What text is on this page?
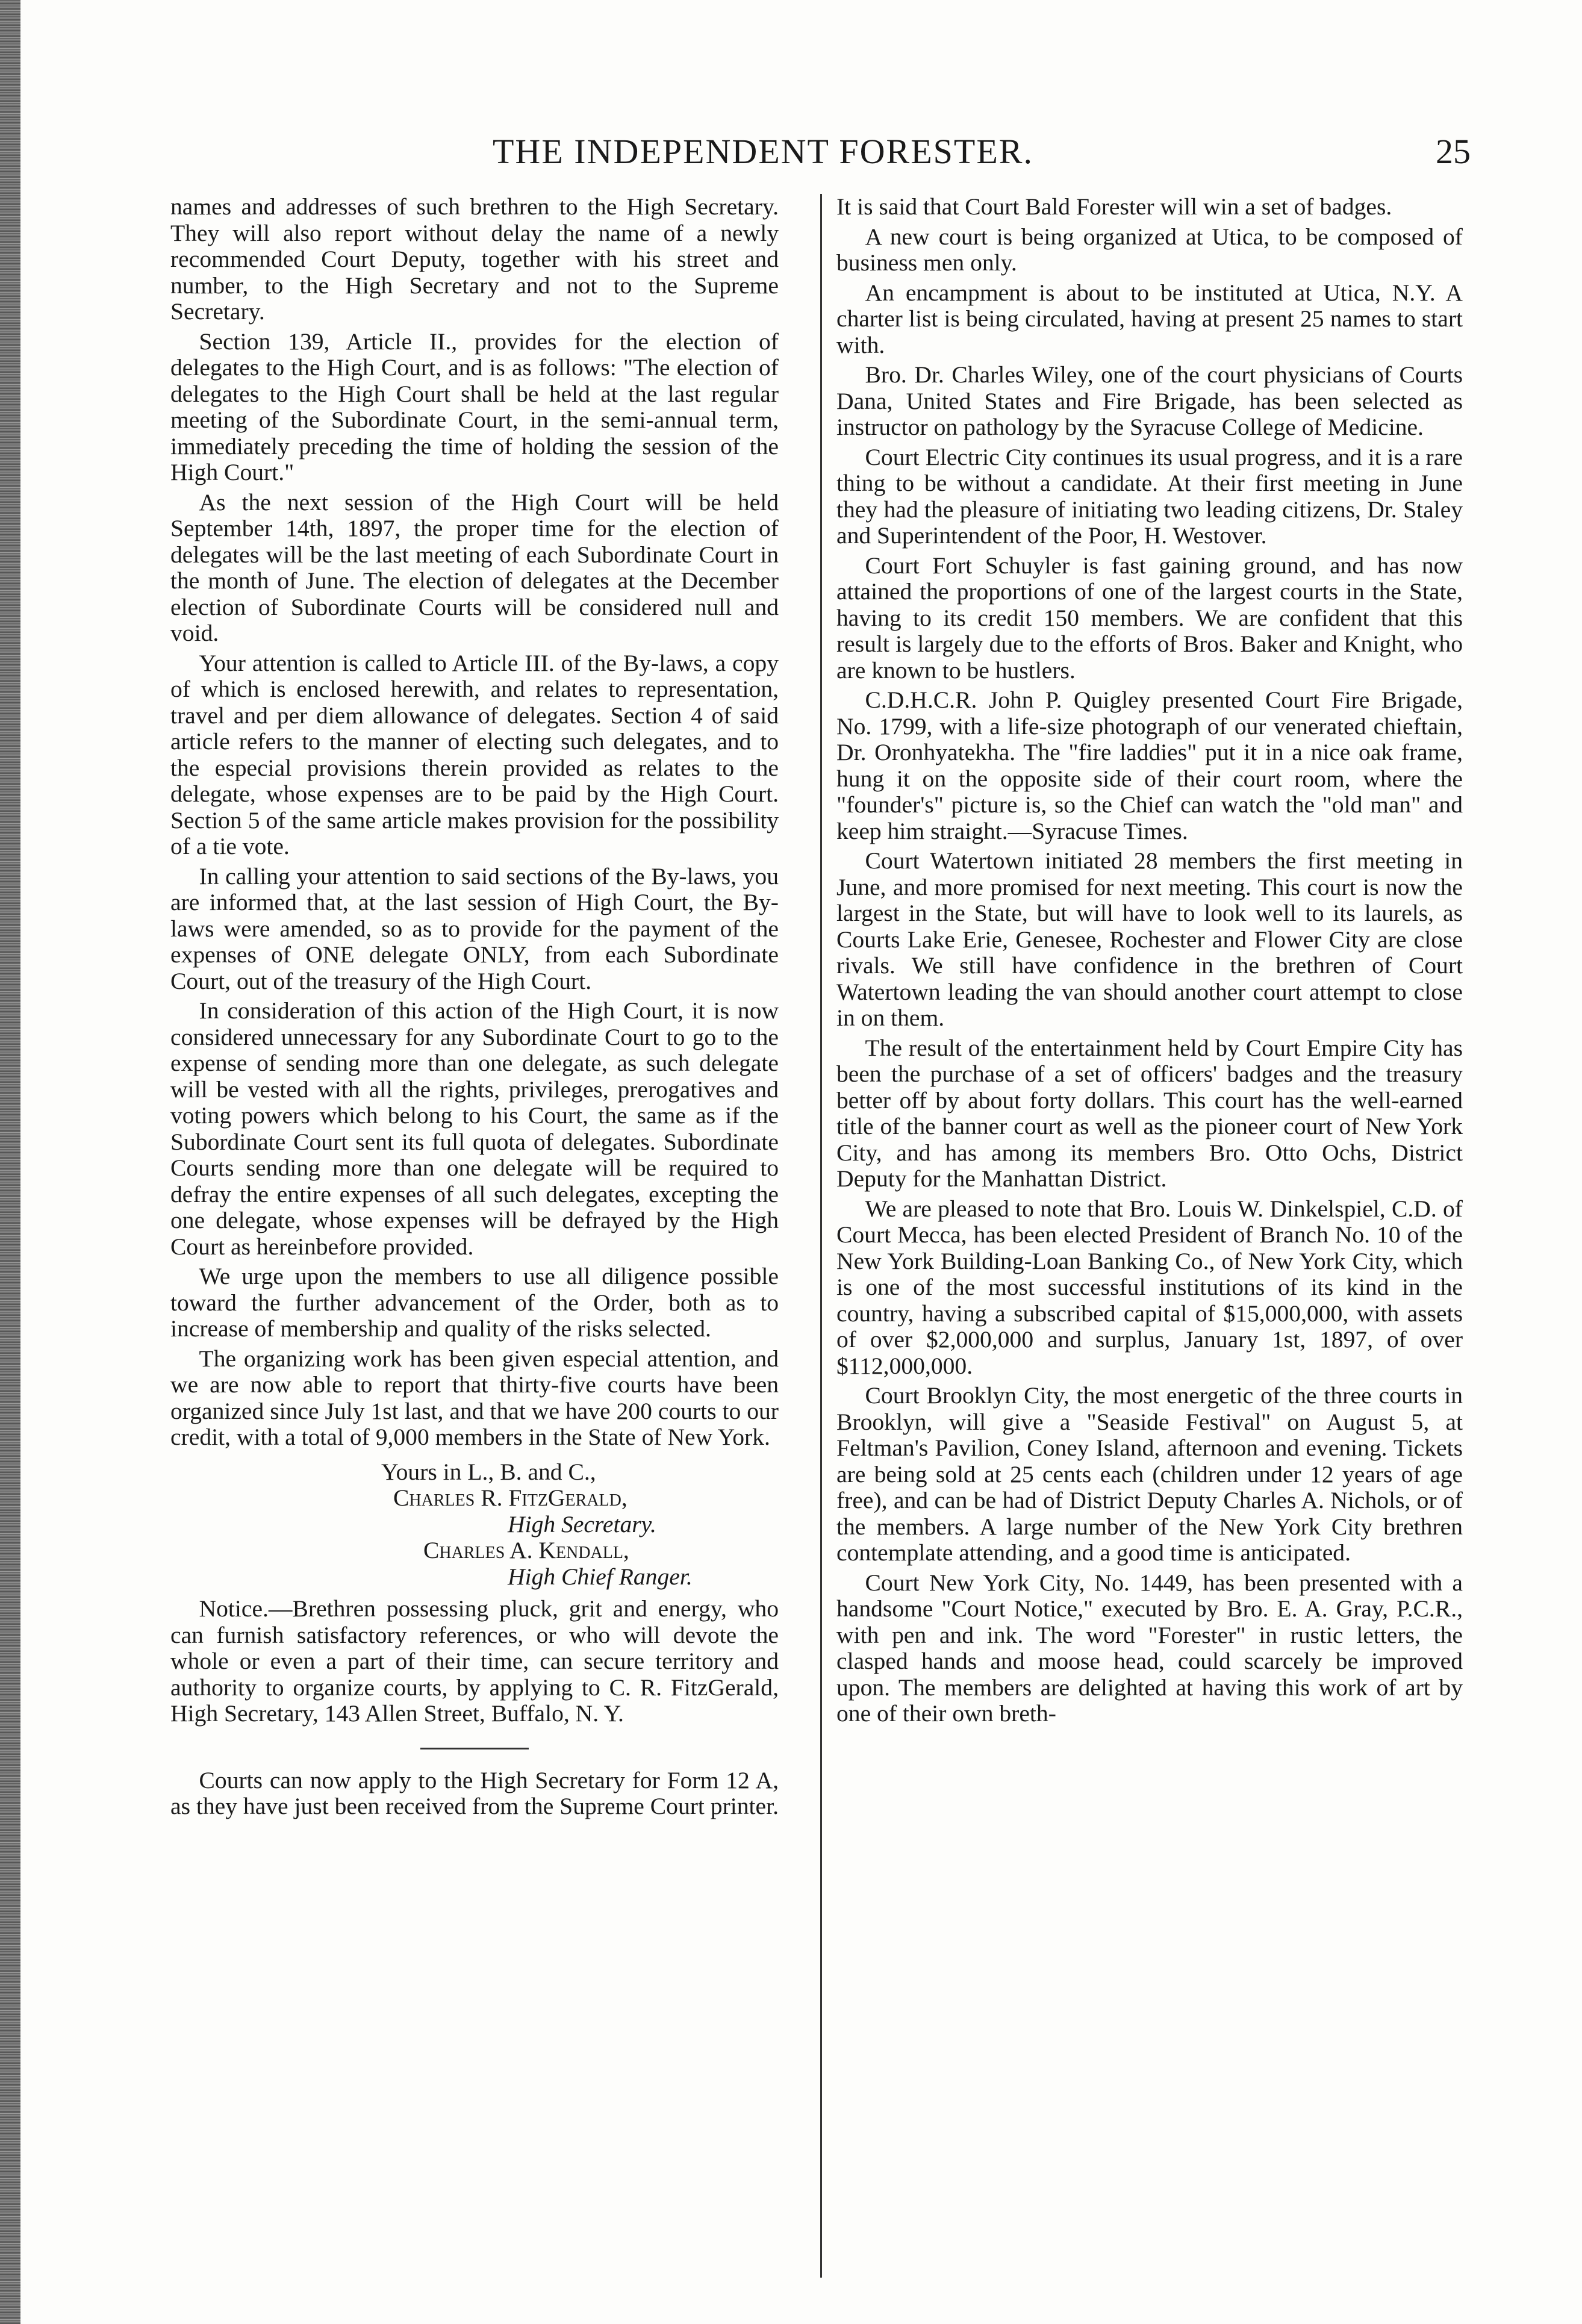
THE INDEPENDENT FORESTER.	25

names and addresses of such brethren to the High Secretary. They will also report without delay the name of a newly recommended Court Deputy, together with his street and number, to the High Secretary and not to the Supreme Secretary.

Section 139, Article II., provides for the election of delegates to the High Court, and is as follows: "The election of delegates to the High Court shall be held at the last regular meeting of the Subordinate Court, in the semi-annual term, immediately preceding the time of holding the session of the High Court."

As the next session of the High Court will be held September 14th, 1897, the proper time for the election of delegates will be the last meeting of each Subordinate Court in the month of June. The election of delegates at the December election of Subordinate Courts will be considered null and void.

Your attention is called to Article III. of the By-laws, a copy of which is enclosed herewith, and relates to representation, travel and per diem allowance of delegates. Section 4 of said article refers to the manner of electing such delegates, and to the especial provisions therein provided as relates to the delegate, whose expenses are to be paid by the High Court. Section 5 of the same article makes provision for the possibility of a tie vote.

In calling your attention to said sections of the By-laws, you are informed that, at the last session of High Court, the By-laws were amended, so as to provide for the payment of the expenses of ONE delegate ONLY, from each Subordinate Court, out of the treasury of the High Court.

In consideration of this action of the High Court, it is now considered unnecessary for any Subordinate Court to go to the expense of sending more than one delegate, as such delegate will be vested with all the rights, privileges, prerogatives and voting powers which belong to his Court, the same as if the Subordinate Court sent its full quota of delegates. Subordinate Courts sending more than one delegate will be required to defray the entire expenses of all such delegates, excepting the one delegate, whose expenses will be defrayed by the High Court as hereinbefore provided.

We urge upon the members to use all diligence possible toward the further advancement of the Order, both as to increase of membership and quality of the risks selected.

The organizing work has been given especial attention, and we are now able to report that thirty-five courts have been organized since July 1st last, and that we have 200 courts to our credit, with a total of 9,000 members in the State of New York.

Yours in L., B. and C.,
Charles R. FitzGerald,
High Secretary.
Charles A. Kendall,
High Chief Ranger.

Notice.—Brethren possessing pluck, grit and energy, who can furnish satisfactory references, or who will devote the whole or even a part of their time, can secure territory and authority to organize courts, by applying to C. R. FitzGerald, High Secretary, 143 Allen Street, Buffalo, N. Y.

Courts can now apply to the High Secretary for Form 12 A, as they have just been received from the Supreme Court printer.

It is said that Court Bald Forester will win a set of badges.

A new court is being organized at Utica, to be composed of business men only.

An encampment is about to be instituted at Utica, N.Y. A charter list is being circulated, having at present 25 names to start with.

Bro. Dr. Charles Wiley, one of the court physicians of Courts Dana, United States and Fire Brigade, has been selected as instructor on pathology by the Syracuse College of Medicine.

Court Electric City continues its usual progress, and it is a rare thing to be without a candidate. At their first meeting in June they had the pleasure of initiating two leading citizens, Dr. Staley and Superintendent of the Poor, H. Westover.

Court Fort Schuyler is fast gaining ground, and has now attained the proportions of one of the largest courts in the State, having to its credit 150 members. We are confident that this result is largely due to the efforts of Bros. Baker and Knight, who are known to be hustlers.

C.D.H.C.R. John P. Quigley presented Court Fire Brigade, No. 1799, with a life-size photograph of our venerated chieftain, Dr. Oronhyatekha. The "fire laddies" put it in a nice oak frame, hung it on the opposite side of their court room, where the "founder's" picture is, so the Chief can watch the "old man" and keep him straight.—Syracuse Times.

Court Watertown initiated 28 members the first meeting in June, and more promised for next meeting. This court is now the largest in the State, but will have to look well to its laurels, as Courts Lake Erie, Genesee, Rochester and Flower City are close rivals. We still have confidence in the brethren of Court Watertown leading the van should another court attempt to close in on them.

The result of the entertainment held by Court Empire City has been the purchase of a set of officers' badges and the treasury better off by about forty dollars. This court has the well-earned title of the banner court as well as the pioneer court of New York City, and has among its members Bro. Otto Ochs, District Deputy for the Manhattan District.

We are pleased to note that Bro. Louis W. Dinkelspiel, C.D. of Court Mecca, has been elected President of Branch No. 10 of the New York Building-Loan Banking Co., of New York City, which is one of the most successful institutions of its kind in the country, having a subscribed capital of $15,000,000, with assets of over $2,000,000 and surplus, January 1st, 1897, of over $112,000,000.

Court Brooklyn City, the most energetic of the three courts in Brooklyn, will give a "Seaside Festival" on August 5, at Feltman's Pavilion, Coney Island, afternoon and evening. Tickets are being sold at 25 cents each (children under 12 years of age free), and can be had of District Deputy Charles A. Nichols, or of the members. A large number of the New York City brethren contemplate attending, and a good time is anticipated.

Court New York City, No. 1449, has been presented with a handsome "Court Notice," executed by Bro. E. A. Gray, P.C.R., with pen and ink. The word "Forester" in rustic letters, the clasped hands and moose head, could scarcely be improved upon. The members are delighted at having this work of art by one of their own breth-
